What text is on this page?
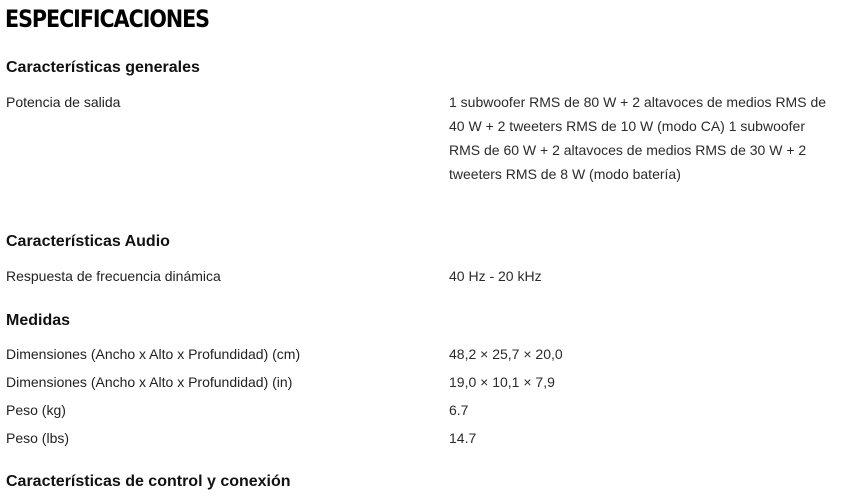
ESPECIFICACIONES
Características generales
Potencia de salida	1 subwoofer RMS de 80 W + 2 altavoces de medios RMS de 40 W + 2 tweeters RMS de 10 W (modo CA) 1 subwoofer RMS de 60 W + 2 altavoces de medios RMS de 30 W + 2 tweeters RMS de 8 W (modo batería)
Características Audio
Respuesta de frecuencia dinámica	40 Hz - 20 kHz
Medidas
Dimensiones (Ancho x Alto x Profundidad) (cm)	48,2 × 25,7 × 20,0
Dimensiones (Ancho x Alto x Profundidad) (in)	19,0 × 10,1 × 7,9
Peso (kg)	6.7
Peso (lbs)	14.7
Características de control y conexión
